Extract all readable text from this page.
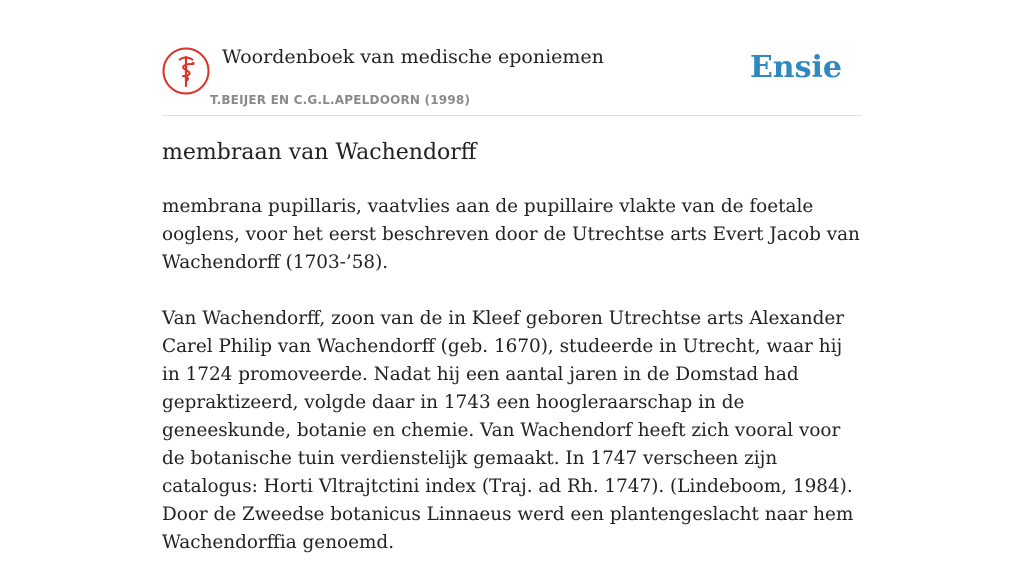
Woordenboek van medische eponiemen
T.BEIJER EN C.G.L.APELDOORN (1998)
Ensie
membraan van Wachendorff

membrana pupillaris, vaatvlies aan de pupillaire vlakte van de foetale ooglens, voor het eerst beschreven door de Utrechtse arts Evert Jacob van Wachendorff (1703-’58).

Van Wachendorff, zoon van de in Kleef geboren Utrechtse arts Alexander Carel Philip van Wachendorff (geb. 1670), studeerde in Utrecht, waar hij in 1724 promoveerde. Nadat hij een aantal jaren in de Domstad had gepraktizeerd, volgde daar in 1743 een hoogleraarschap in de geneeskunde, botanie en chemie. Van Wachendorf heeft zich vooral voor de botanische tuin verdienstelijk gemaakt. In 1747 verscheen zijn catalogus: Horti Vltrajtctini index (Traj. ad Rh. 1747). (Lindeboom, 1984). Door de Zweedse botanicus Linnaeus werd een plantengeslacht naar hem Wachendorffia genoemd.
